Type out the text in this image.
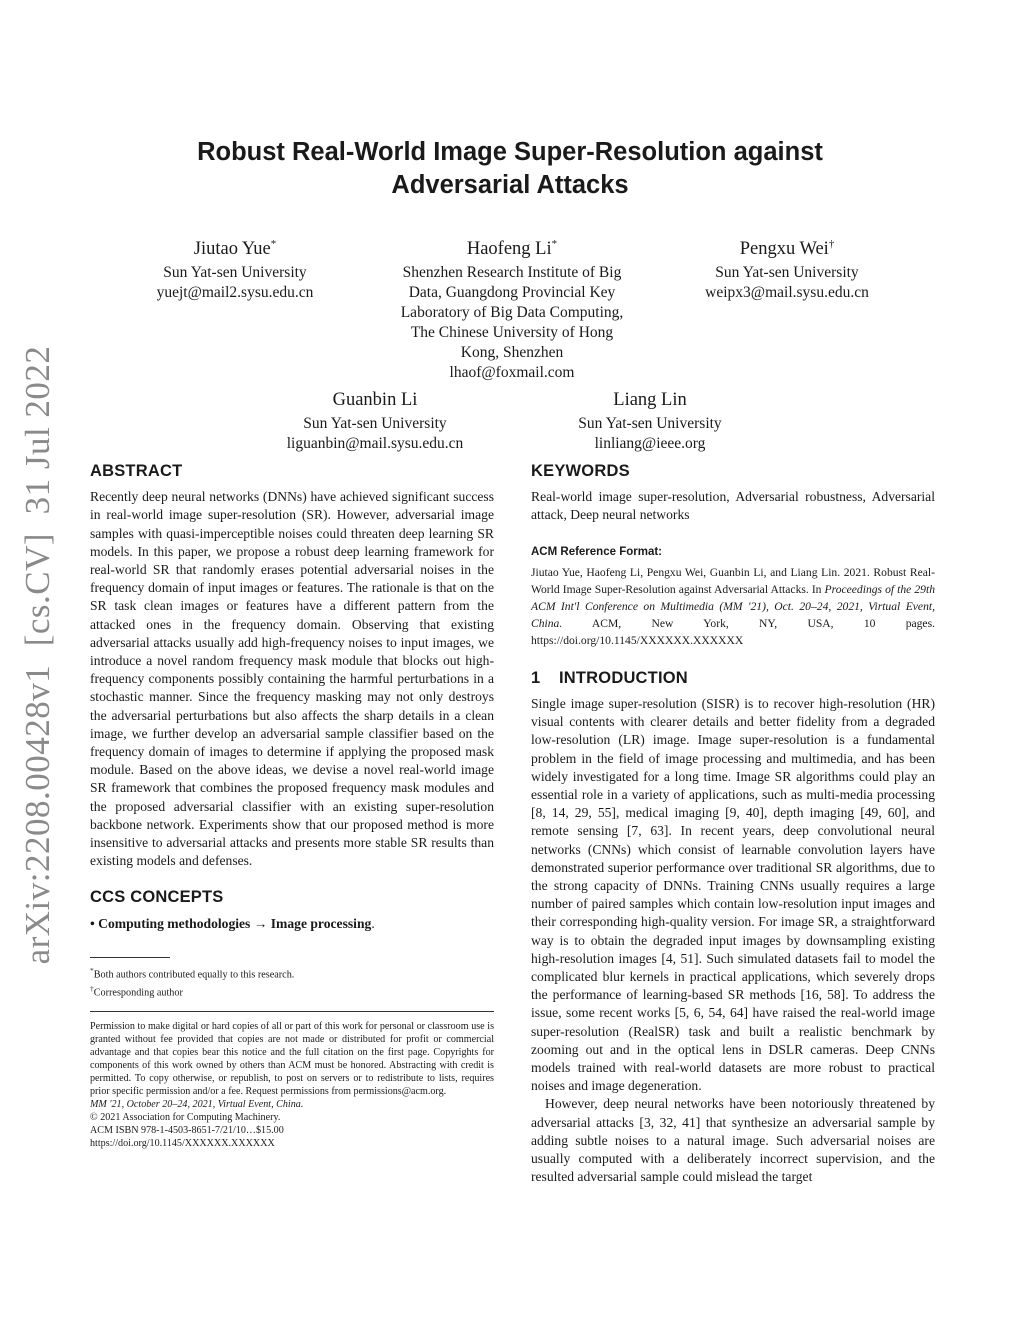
arXiv:2208.00428v1  [cs.CV]  31 Jul 2022
Robust Real-World Image Super-Resolution against
Adversarial Attacks
Jiutao Yue*
Sun Yat-sen University
yuejt@mail2.sysu.edu.cn
Haofeng Li*
Shenzhen Research Institute of Big
Data, Guangdong Provincial Key
Laboratory of Big Data Computing,
The Chinese University of Hong
Kong, Shenzhen
lhaof@foxmail.com
Pengxu Wei†
Sun Yat-sen University
weipx3@mail.sysu.edu.cn
Guanbin Li
Sun Yat-sen University
liguanbin@mail.sysu.edu.cn
Liang Lin
Sun Yat-sen University
linliang@ieee.org
ABSTRACT

Recently deep neural networks (DNNs) have achieved significant success in real-world image super-resolution (SR). However, adversarial image samples with quasi-imperceptible noises could threaten deep learning SR models. In this paper, we propose a robust deep learning framework for real-world SR that randomly erases potential adversarial noises in the frequency domain of input images or features. The rationale is that on the SR task clean images or features have a different pattern from the attacked ones in the frequency domain. Observing that existing adversarial attacks usually add high-frequency noises to input images, we introduce a novel random frequency mask module that blocks out high-frequency components possibly containing the harmful perturbations in a stochastic manner. Since the frequency masking may not only destroys the adversarial perturbations but also affects the sharp details in a clean image, we further develop an adversarial sample classifier based on the frequency domain of images to determine if applying the proposed mask module. Based on the above ideas, we devise a novel real-world image SR framework that combines the proposed frequency mask modules and the proposed adversarial classifier with an existing super-resolution backbone network. Experiments show that our proposed method is more insensitive to adversarial attacks and presents more stable SR results than existing models and defenses.

CCS CONCEPTS

• Computing methodologies → Image processing.

*Both authors contributed equally to this research.

†Corresponding author

Permission to make digital or hard copies of all or part of this work for personal or classroom use is granted without fee provided that copies are not made or distributed for profit or commercial advantage and that copies bear this notice and the full citation on the first page. Copyrights for components of this work owned by others than ACM must be honored. Abstracting with credit is permitted. To copy otherwise, or republish, to post on servers or to redistribute to lists, requires prior specific permission and/or a fee. Request permissions from permissions@acm.org.

MM '21, October 20–24, 2021, Virtual Event, China.

© 2021 Association for Computing Machinery.

ACM ISBN 978-1-4503-8651-7/21/10…$15.00

https://doi.org/10.1145/XXXXXX.XXXXXX

KEYWORDS

Real-world image super-resolution, Adversarial robustness, Adversarial attack, Deep neural networks

ACM Reference Format:

Jiutao Yue, Haofeng Li, Pengxu Wei, Guanbin Li, and Liang Lin. 2021. Robust Real-World Image Super-Resolution against Adversarial Attacks. In Proceedings of the 29th ACM Int'l Conference on Multimedia (MM '21), Oct. 20–24, 2021, Virtual Event, China. ACM, New York, NY, USA, 10 pages. https://doi.org/10.1145/XXXXXX.XXXXXX

1 INTRODUCTION

Single image super-resolution (SISR) is to recover high-resolution (HR) visual contents with clearer details and better fidelity from a degraded low-resolution (LR) image. Image super-resolution is a fundamental problem in the field of image processing and multimedia, and has been widely investigated for a long time. Image SR algorithms could play an essential role in a variety of applications, such as multi-media processing [8, 14, 29, 55], medical imaging [9, 40], depth imaging [49, 60], and remote sensing [7, 63]. In recent years, deep convolutional neural networks (CNNs) which consist of learnable convolution layers have demonstrated superior performance over traditional SR algorithms, due to the strong capacity of DNNs. Training CNNs usually requires a large number of paired samples which contain low-resolution input images and their corresponding high-quality version. For image SR, a straightforward way is to obtain the degraded input images by downsampling existing high-resolution images [4, 51]. Such simulated datasets fail to model the complicated blur kernels in practical applications, which severely drops the performance of learning-based SR methods [16, 58]. To address the issue, some recent works [5, 6, 54, 64] have raised the real-world image super-resolution (RealSR) task and built a realistic benchmark by zooming out and in the optical lens in DSLR cameras. Deep CNNs models trained with real-world datasets are more robust to practical noises and image degeneration.

However, deep neural networks have been notoriously threatened by adversarial attacks [3, 32, 41] that synthesize an adversarial sample by adding subtle noises to a natural image. Such adversarial noises are usually computed with a deliberately incorrect supervision, and the resulted adversarial sample could mislead the target
